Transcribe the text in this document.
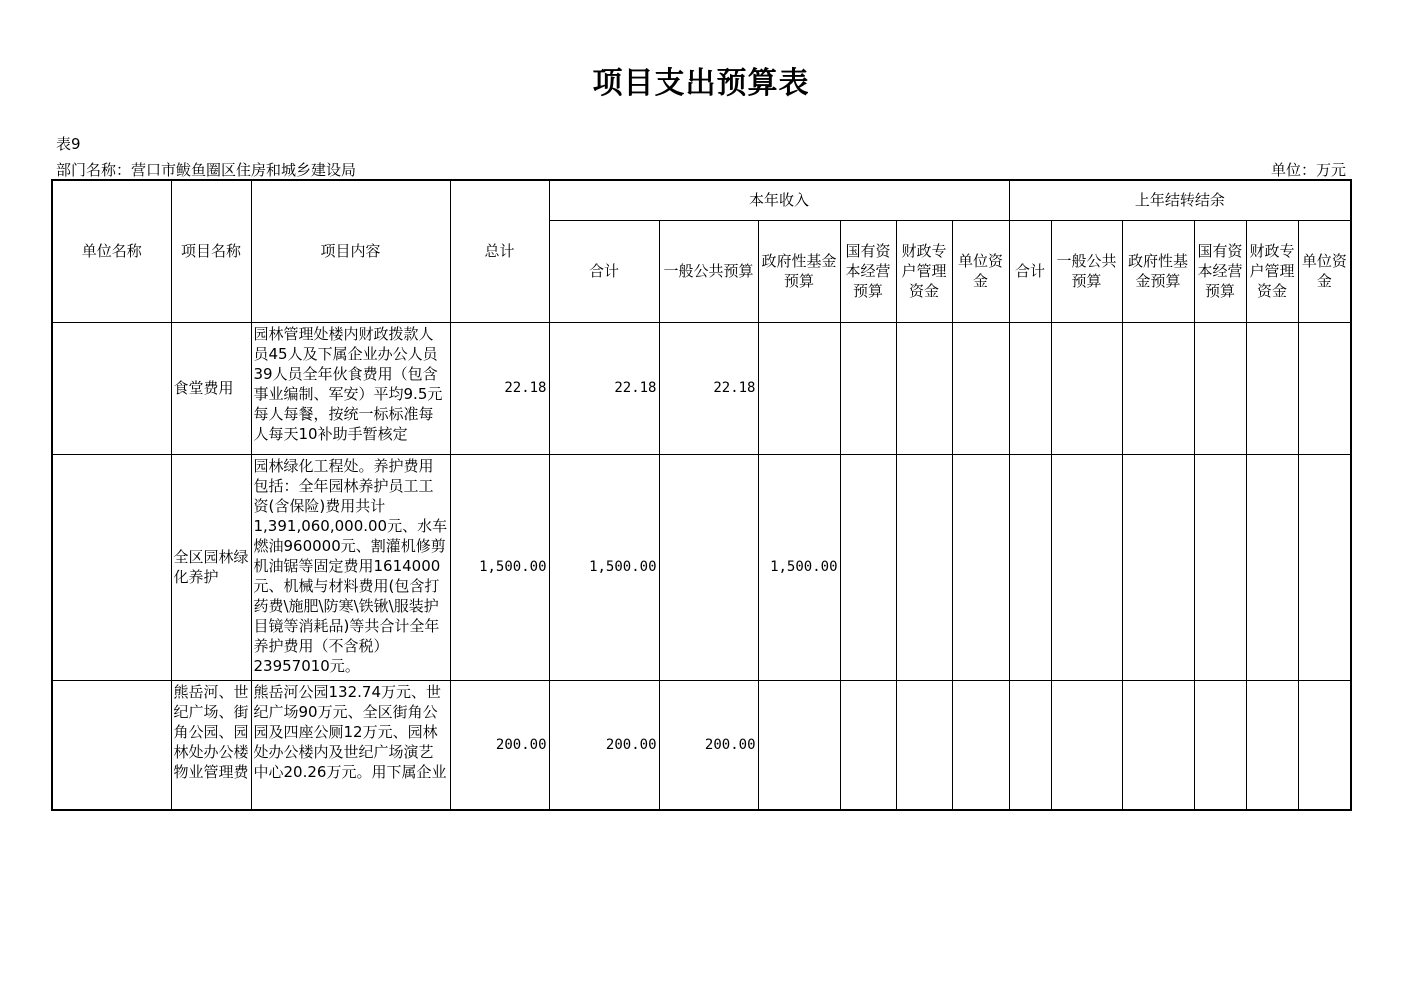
项目支出预算表
表9
部门名称：营口市鲅鱼圈区住房和城乡建设局	单位：万元
单位名称	项目名称	项目内容	总计	本年收入						上年结转结余					
				合计	一般公共预算	政府性基金预算	国有资本经营预算	财政专户管理资金	单位资金	合计	一般公共预算	政府性基金预算	国有资本经营预算	财政专户管理资金	单位资金
	食堂费用	园林管理处楼内财政拨款人员45人及下属企业办公人员39人员全年伙食费用（包含事业编制、军安）平均9.5元每人每餐，按统一标标准每人每天10补助手暂核定	22.18	22.18	22.18										
	全区园林绿化养护	园林绿化工程处。养护费用包括：全年园林养护员工工资(含保险)费用共计1,391,060,000.00元、水车燃油960000元、割灌机修剪机油锯等固定费用1614000元、机械与材料费用(包含打药费\施肥\防寒\铁锹\服装护目镜等消耗品)等共合计全年养护费用（不含税）23957010元。	1,500.00	1,500.00		1,500.00									

	熊岳河、世纪广场、街角公园、园林处办公楼物业管理费	熊岳河公园132.74万元、世纪广场90万元、全区街角公园及四座公厕12万元、园林处办公楼内及世纪广场演艺中心20.26万元。用下属企业	200.00	200.00	200.00										
